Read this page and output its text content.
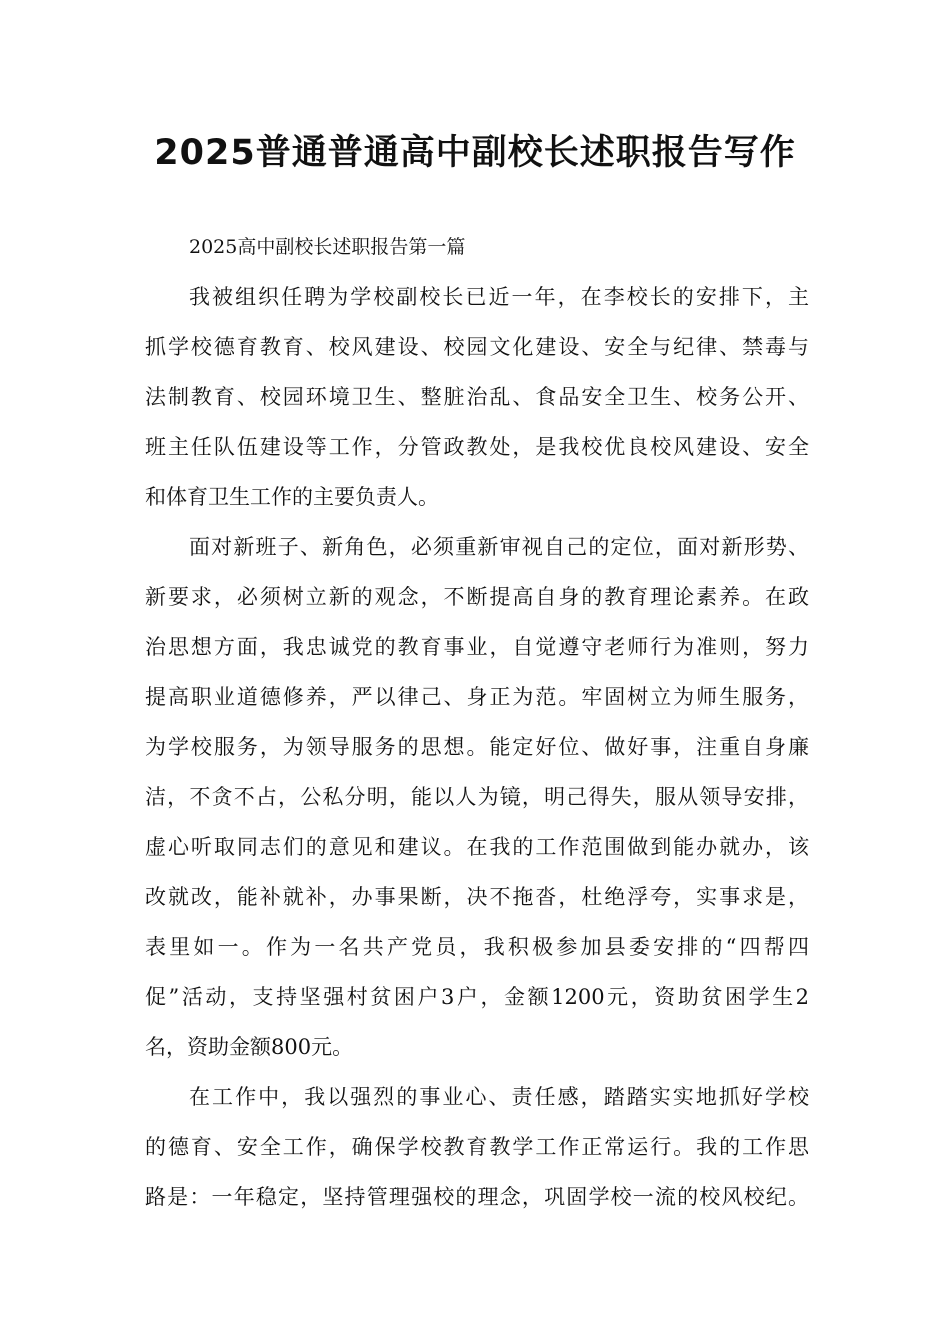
2025普通普通高中副校长述职报告写作
2025高中副校长述职报告第一篇
我被组织任聘为学校副校长已近一年，在李校长的安排下，主
抓学校德育教育、校风建设、校园文化建设、安全与纪律、禁毒与
法制教育、校园环境卫生、整脏治乱、食品安全卫生、校务公开、
班主任队伍建设等工作，分管政教处，是我校优良校风建设、安全
和体育卫生工作的主要负责人。
面对新班子、新角色，必须重新审视自己的定位，面对新形势、
新要求，必须树立新的观念，不断提高自身的教育理论素养。在政
治思想方面，我忠诚党的教育事业，自觉遵守老师行为准则，努力
提高职业道德修养，严以律己、身正为范。牢固树立为师生服务，
为学校服务，为领导服务的思想。能定好位、做好事，注重自身廉
洁，不贪不占，公私分明，能以人为镜，明己得失，服从领导安排，
虚心听取同志们的意见和建议。在我的工作范围做到能办就办，该
改就改，能补就补，办事果断，决不拖沓，杜绝浮夸，实事求是，
表里如一。作为一名共产党员，我积极参加县委安排的“四帮四
促”活动，支持坚强村贫困户3户，金额1200元，资助贫困学生2
名，资助金额800元。
在工作中，我以强烈的事业心、责任感，踏踏实实地抓好学校
的德育、安全工作，确保学校教育教学工作正常运行。我的工作思
路是：一年稳定，坚持管理强校的理念，巩固学校一流的校风校纪。
